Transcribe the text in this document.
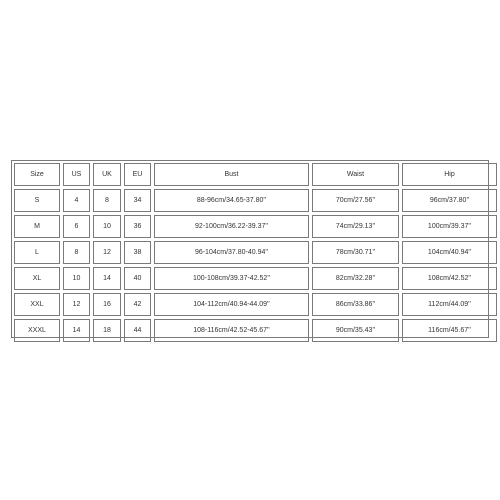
Size	US	UK	EU	Bust	Waist	Hip
S	4	8	34	88-96cm/34.65-37.80''	70cm/27.56''	96cm/37.80''
M	6	10	36	92-100cm/36.22-39.37''	74cm/29.13''	100cm/39.37''
L	8	12	38	96-104cm/37.80-40.94''	78cm/30.71''	104cm/40.94''
XL	10	14	40	100-108cm/39.37-42.52''	82cm/32.28''	108cm/42.52''
XXL	12	16	42	104-112cm/40.94-44.09''	86cm/33.86''	112cm/44.09''
XXXL	14	18	44	108-116cm/42.52-45.67''	90cm/35.43''	116cm/45.67''
